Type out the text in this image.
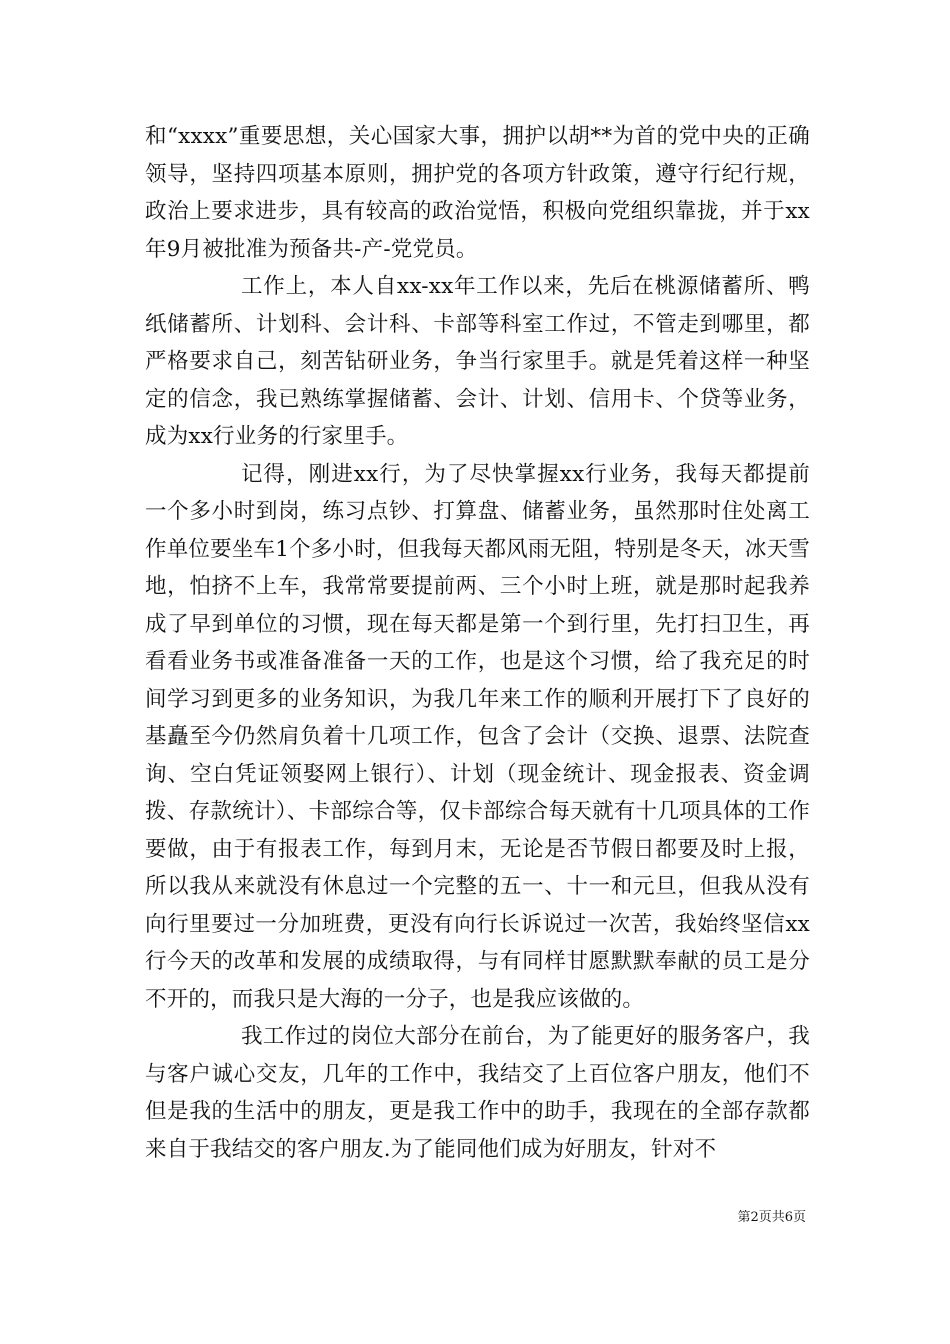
和“xxxx”重要思想，关心国家大事，拥护以胡**为首的党中央的正确领导，坚持四项基本原则，拥护党的各项方针政策，遵守行纪行规，政治上要求进步，具有较高的政治觉悟，积极向党组织靠拢，并于xx年9月被批准为预备共-产-党党员。

工作上，本人自xx-xx年工作以来，先后在桃源储蓄所、鸭纸储蓄所、计划科、会计科、卡部等科室工作过，不管走到哪里，都严格要求自己，刻苦钻研业务，争当行家里手。就是凭着这样一种坚定的信念，我已熟练掌握储蓄、会计、计划、信用卡、个贷等业务，成为xx行业务的行家里手。

记得，刚进xx行，为了尽快掌握xx行业务，我每天都提前一个多小时到岗，练习点钞、打算盘、储蓄业务，虽然那时住处离工作单位要坐车1个多小时，但我每天都风雨无阻，特别是冬天，冰天雪地，怕挤不上车，我常常要提前两、三个小时上班，就是那时起我养成了早到单位的习惯，现在每天都是第一个到行里，先打扫卫生，再看看业务书或准备准备一天的工作，也是这个习惯，给了我充足的时间学习到更多的业务知识，为我几年来工作的顺利开展打下了良好的基矗至今仍然肩负着十几项工作，包含了会计（交换、退票、法院查询、空白凭证领娶网上银行）、计划（现金统计、现金报表、资金调拨、存款统计）、卡部综合等，仅卡部综合每天就有十几项具体的工作要做，由于有报表工作，每到月末，无论是否节假日都要及时上报，所以我从来就没有休息过一个完整的五一、十一和元旦，但我从没有向行里要过一分加班费，更没有向行长诉说过一次苦，我始终坚信xx行今天的改革和发展的成绩取得，与有同样甘愿默默奉献的员工是分不开的，而我只是大海的一分子，也是我应该做的。

我工作过的岗位大部分在前台，为了能更好的服务客户，我与客户诚心交友，几年的工作中，我结交了上百位客户朋友，他们不但是我的生活中的朋友，更是我工作中的助手，我现在的全部存款都来自于我结交的客户朋友.为了能同他们成为好朋友，针对不

第2页共6页
